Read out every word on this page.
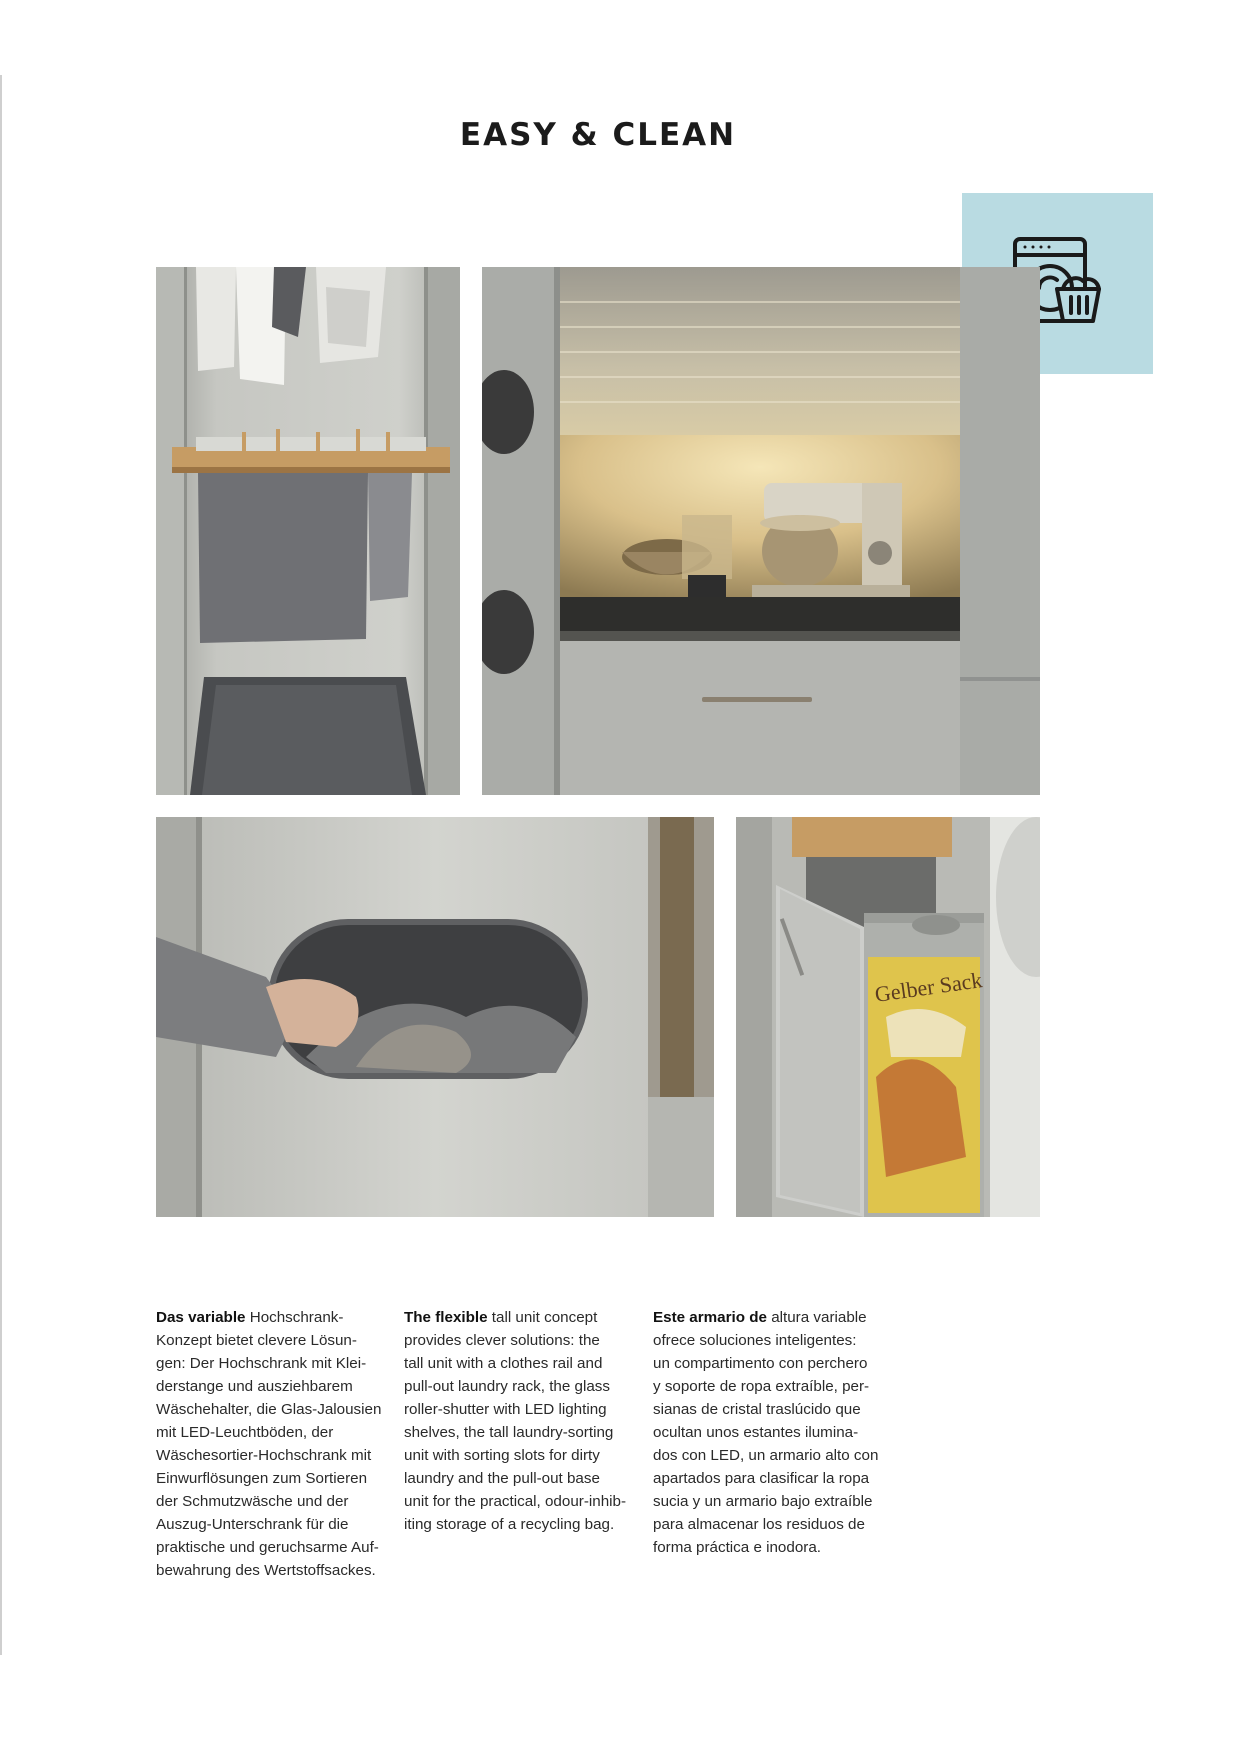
EASY & CLEAN
Gelber Sack
Das variable Hochschrank-
Konzept bietet clevere Lösun-
gen: Der Hochschrank mit Klei-
derstange und ausziehbarem
Wäschehalter, die Glas-Jalousien
mit LED-Leuchtböden, der
Wäschesortier-Hochschrank mit
Einwurflösungen zum Sortieren
der Schmutzwäsche und der
Auszug-Unterschrank für die
praktische und geruchsarme Auf-
bewahrung des Wertstoffsackes.
The flexible tall unit concept
provides clever solutions: the
tall unit with a clothes rail and
pull-out laundry rack, the glass
roller-shutter with LED lighting
shelves, the tall laundry-sorting
unit with sorting slots for dirty
laundry and the pull-out base
unit for the practical, odour-inhib-
iting storage of a recycling bag.
Este armario de altura variable
ofrece soluciones inteligentes:
un compartimento con perchero
y soporte de ropa extraíble, per-
sianas de cristal traslúcido que
ocultan unos estantes ilumina-
dos con LED, un armario alto con
apartados para clasificar la ropa
sucia y un armario bajo extraíble
para almacenar los residuos de
forma práctica e inodora.
